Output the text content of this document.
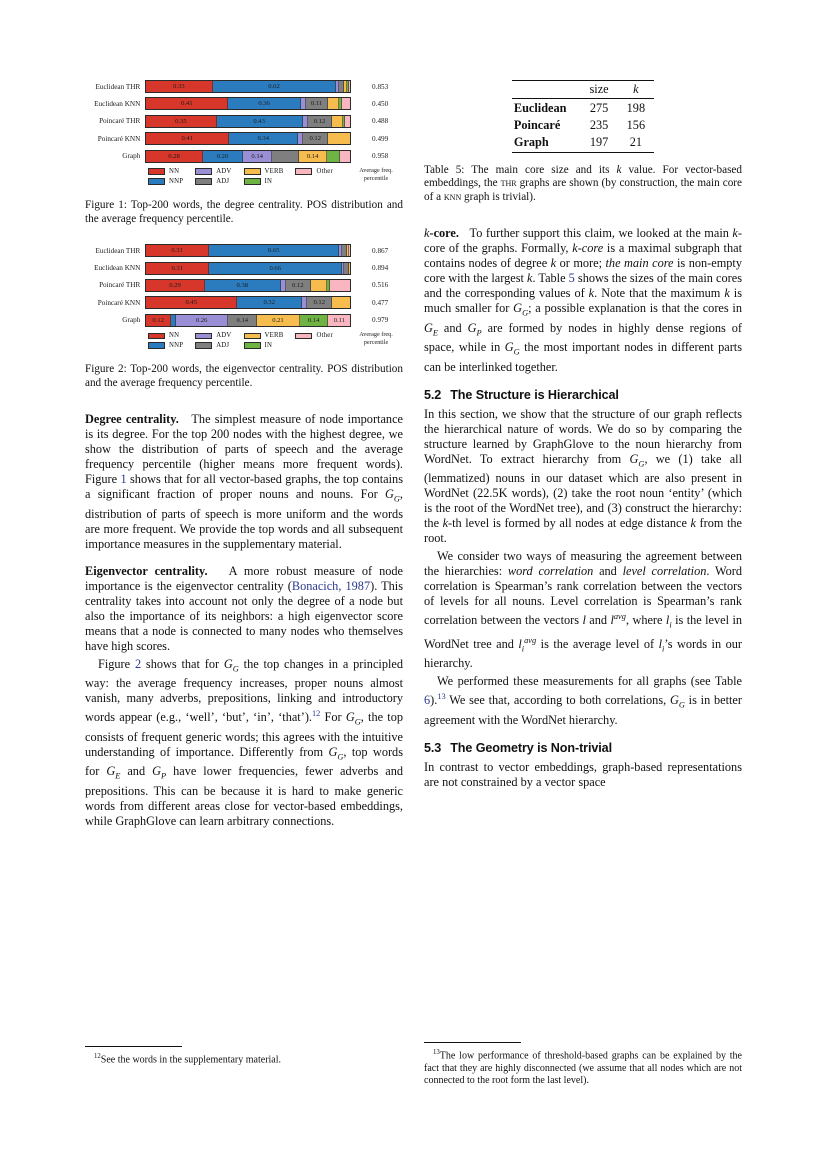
Euclidean THR	0.33	0.62	0.853
Euclidean KNN	0.41	0.36	0.11	0.450
Poincaré THR	0.35	0.43	0.12	0.488
Poincaré KNN	0.41	0.34	0.12	0.499
Graph	0.28	0.20	0.14	0.14	0.958
NN
NNP
ADV
ADJ
VERB
IN
Other	Average freq.
percentile

Figure 1: Top-200 words, the degree centrality. POS distribution and the average frequency percentile.

Euclidean THR	0.31	0.65	0.867
Euclidean KNN	0.31	0.66	0.894
Poincaré THR	0.29	0.38	0.12	0.516
Poincaré KNN	0.45	0.32	0.12	0.477
Graph	0.12	0.26	0.14	0.21	0.14	0.11	0.979
NN
NNP
ADV
ADJ
VERB
IN
Other	Average freq.
percentile

Figure 2: Top-200 words, the eigenvector centrality. POS distribution and the average frequency percentile.

Degree centrality.   The simplest measure of node importance is its degree. For the top 200 nodes with the highest degree, we show the distribution of parts of speech and the average frequency percentile (higher means more frequent words). Figure 1 shows that for all vector-based graphs, the top contains a significant fraction of proper nouns and nouns. For $G_G$, distribution of parts of speech is more uniform and the words are more frequent. We provide the top words and all subsequent importance measures in the supplementary material.

Eigenvector centrality.   A more robust measure of node importance is the eigenvector centrality (Bonacich, 1987). This centrality takes into account not only the degree of a node but also the importance of its neighbors: a high eigenvector score means that a node is connected to many nodes who themselves have high scores.

Figure 2 shows that for $G_G$ the top changes in a principled way: the average frequency increases, proper nouns almost vanish, many adverbs, prepositions, linking and introductory words appear (e.g., ‘well’, ‘but’, ‘in’, ‘that’).$^{12}$ For $G_G$, the top consists of frequent generic words; this agrees with the intuitive understanding of importance. Differently from $G_G$, top words for $G_E$ and $G_P$ have lower frequencies, fewer adverbs and prepositions. This can be because it is hard to make generic words from different areas close for vector-based embeddings, while GraphGlove can learn arbitrary connections.

$^{12}$See the words in the supplementary material.

	size	k
Euclidean	275	198
Poincaré	235	156
Graph	197	21

Table 5: The main core size and its k value. For vector-based embeddings, the thr graphs are shown (by construction, the main core of a knn graph is trivial).

k-core.   To further support this claim, we looked at the main k-core of the graphs. Formally, k-core is a maximal subgraph that contains nodes of degree k or more; the main core is non-empty core with the largest k. Table 5 shows the sizes of the main cores and the corresponding values of k. Note that the maximum k is much smaller for $G_G$; a possible explanation is that the cores in $G_E$ and $G_P$ are formed by nodes in highly dense regions of space, while in $G_G$ the most important nodes in different parts can be interlinked together.

5.2 The Structure is Hierarchical

In this section, we show that the structure of our graph reflects the hierarchical nature of words. We do so by comparing the structure learned by GraphGlove to the noun hierarchy from WordNet. To extract hierarchy from $G_G$, we (1) take all (lemmatized) nouns in our dataset which are also present in WordNet (22.5K words), (2) take the root noun ‘entity’ (which is the root of the WordNet tree), and (3) construct the hierarchy: the k-th level is formed by all nodes at edge distance k from the root.

We consider two ways of measuring the agreement between the hierarchies: word correlation and level correlation. Word correlation is Spearman’s rank correlation between the vectors of levels for all nouns. Level correlation is Spearman’s rank correlation between the vectors l and $l^{avg}$, where $l_i$ is the level in WordNet tree and $l_i^{avg}$ is the average level of $l_i’s$ words in our hierarchy.

We performed these measurements for all graphs (see Table 6).$^{13}$ We see that, according to both correlations, $G_G$ is in better agreement with the WordNet hierarchy.

5.3 The Geometry is Non-trivial

In contrast to vector embeddings, graph-based representations are not constrained by a vector space

$^{13}$The low performance of threshold-based graphs can be explained by the fact that they are highly disconnected (we assume that all nodes which are not connected to the root form the last level).
